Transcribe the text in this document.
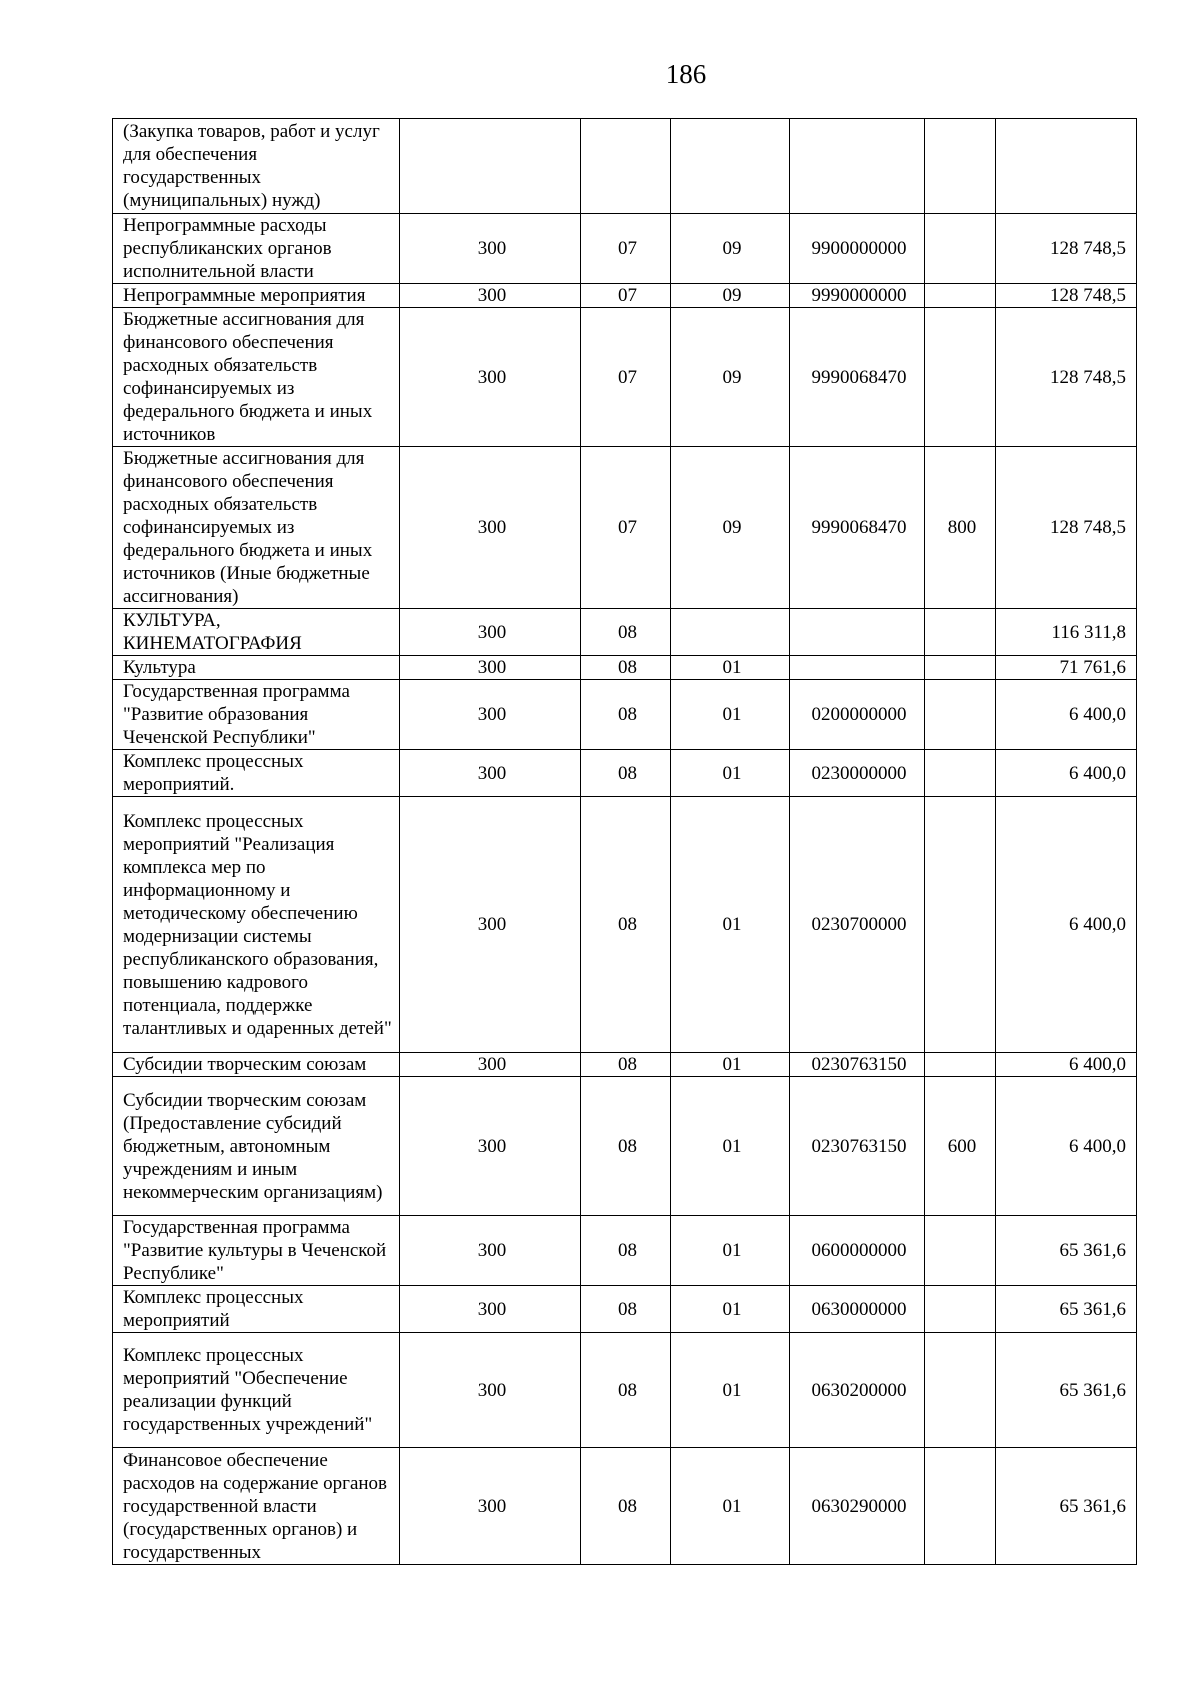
186
(Закупка товаров, работ и услуг для обеспечения государственных (муниципальных) нужд)						
Непрограммные расходы республиканских органов исполнительной власти	300	07	09	9900000000		128 748,5
Непрограммные мероприятия	300	07	09	9990000000		128 748,5
Бюджетные ассигнования для финансового обеспечения расходных обязательств софинансируемых из федерального бюджета и иных источников	300	07	09	9990068470		128 748,5
Бюджетные ассигнования для финансового обеспечения расходных обязательств софинансируемых из федерального бюджета и иных источников (Иные бюджетные ассигнования)	300	07	09	9990068470	800	128 748,5
КУЛЬТУРА, КИНЕМАТОГРАФИЯ	300	08				116 311,8
Культура	300	08	01			71 761,6
Государственная программа "Развитие образования Чеченской Республики"	300	08	01	0200000000		6 400,0
Комплекс процессных мероприятий.	300	08	01	0230000000		6 400,0
Комплекс процессных мероприятий "Реализация комплекса мер по информационному и методическому обеспечению модернизации системы республиканского образования, повышению кадрового потенциала, поддержке талантливых и одаренных детей"	300	08	01	0230700000		6 400,0
Субсидии творческим союзам	300	08	01	0230763150		6 400,0
Субсидии творческим союзам (Предоставление субсидий бюджетным, автономным учреждениям и иным некоммерческим организациям)	300	08	01	0230763150	600	6 400,0
Государственная программа "Развитие культуры в Чеченской Республике"	300	08	01	0600000000		65 361,6
Комплекс процессных мероприятий	300	08	01	0630000000		65 361,6
Комплекс процессных мероприятий "Обеспечение реализации функций государственных учреждений"	300	08	01	0630200000		65 361,6
Финансовое обеспечение расходов на содержание органов государственной власти (государственных органов) и государственных	300	08	01	0630290000		65 361,6
